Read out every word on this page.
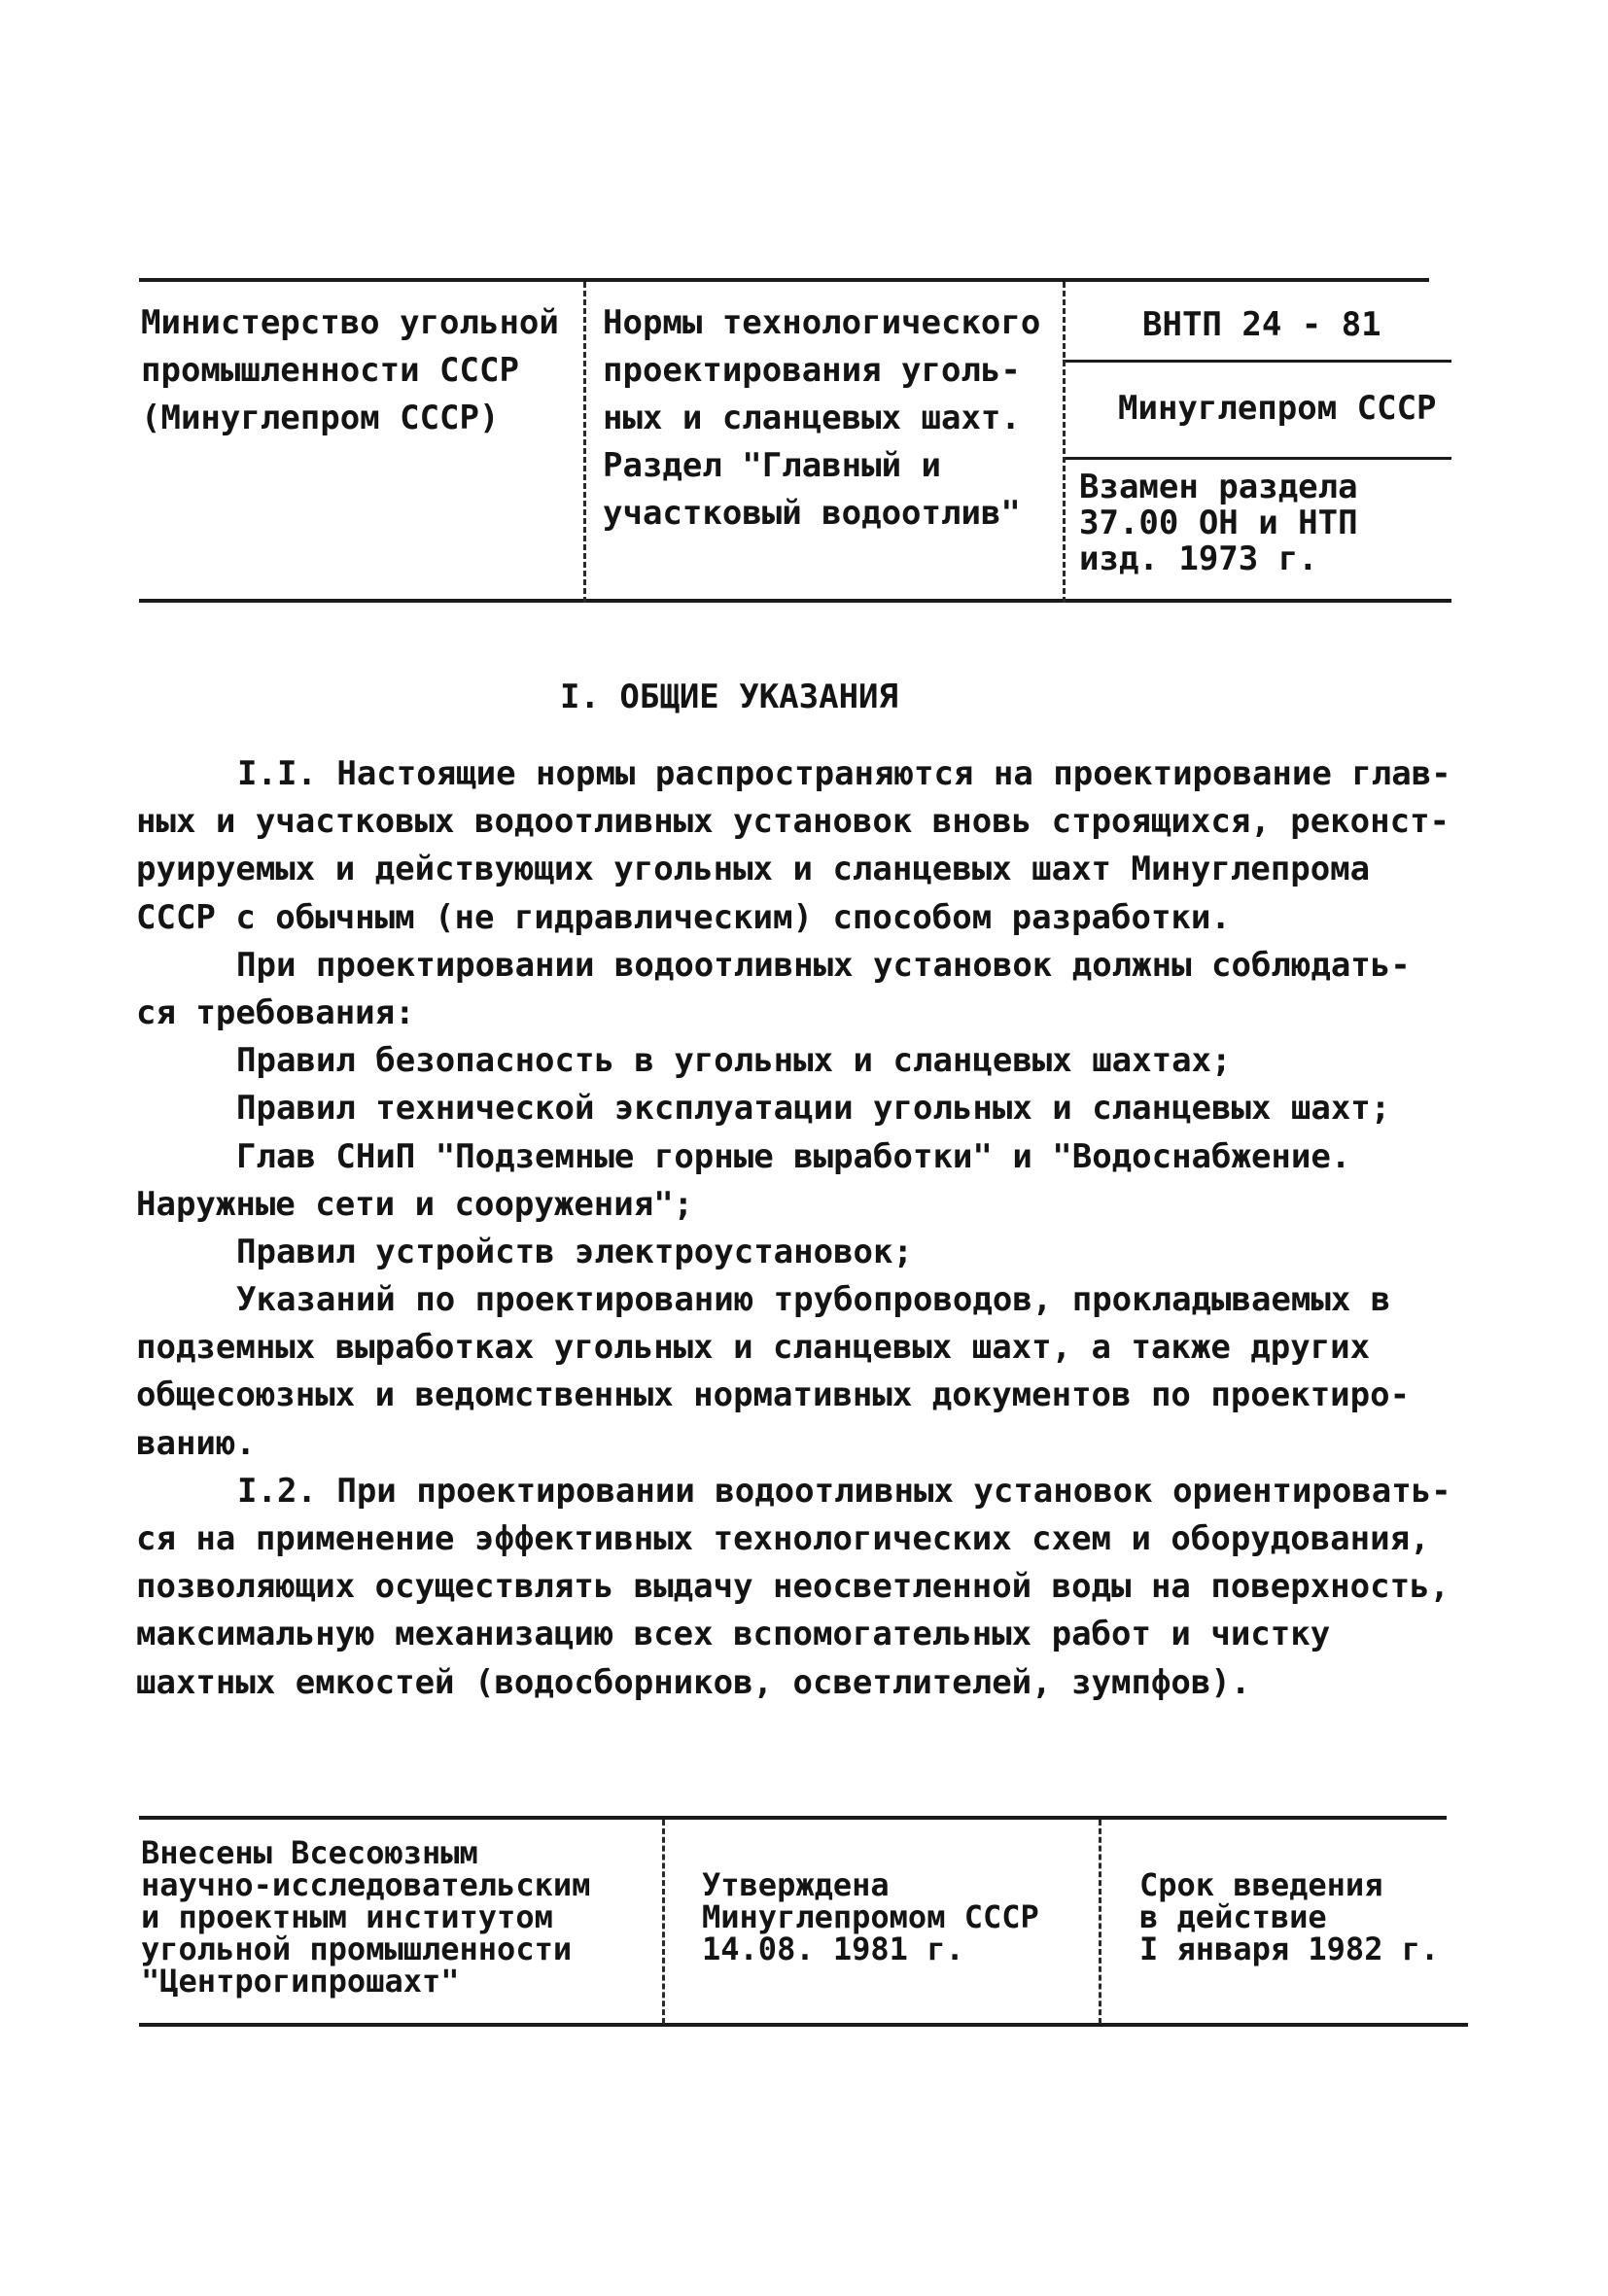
Министерство угольной
промышленности СССР
(Минуглепром СССР)
Нормы технологического
проектирования уголь-
ных и сланцевых шахт.
Раздел "Главный и
участковый водоотлив"
ВНТП 24 - 81
Минуглепром СССР
Взамен раздела
37.00 ОН и НТП
изд. 1973 г.
I. ОБЩИЕ УКАЗАНИЯ
I.I. Настоящие нормы распространяются на проектирование глав-
ных и участковых водоотливных установок вновь строящихся, реконст-
руируемых и действующих угольных и сланцевых шахт Минуглепрома
СССР с обычным (не гидравлическим) способом разработки.
При проектировании водоотливных установок должны соблюдать-
ся требования:
Правил безопасность в угольных и сланцевых шахтах;
Правил технической эксплуатации угольных и сланцевых шахт;
Глав СНиП "Подземные горные выработки" и "Водоснабжение.
Наружные сети и сооружения";
Правил устройств электроустановок;
Указаний по проектированию трубопроводов, прокладываемых в
подземных выработках угольных и сланцевых шахт, а также других
общесоюзных и ведомственных нормативных документов по проектиро-
ванию.
I.2. При проектировании водоотливных установок ориентировать-
ся на применение эффективных технологических схем и оборудования,
позволяющих осуществлять выдачу неосветленной воды на поверхность,
максимальную механизацию всех вспомогательных работ и чистку
шахтных емкостей (водосборников, осветлителей, зумпфов).
Внесены Всесоюзным
научно-исследовательским
и проектным институтом
угольной промышленности
"Центрогипрошахт"
Утверждена
Минуглепромом СССР
14.08. 1981 г.
Срок введения
в действие
I января 1982 г.
